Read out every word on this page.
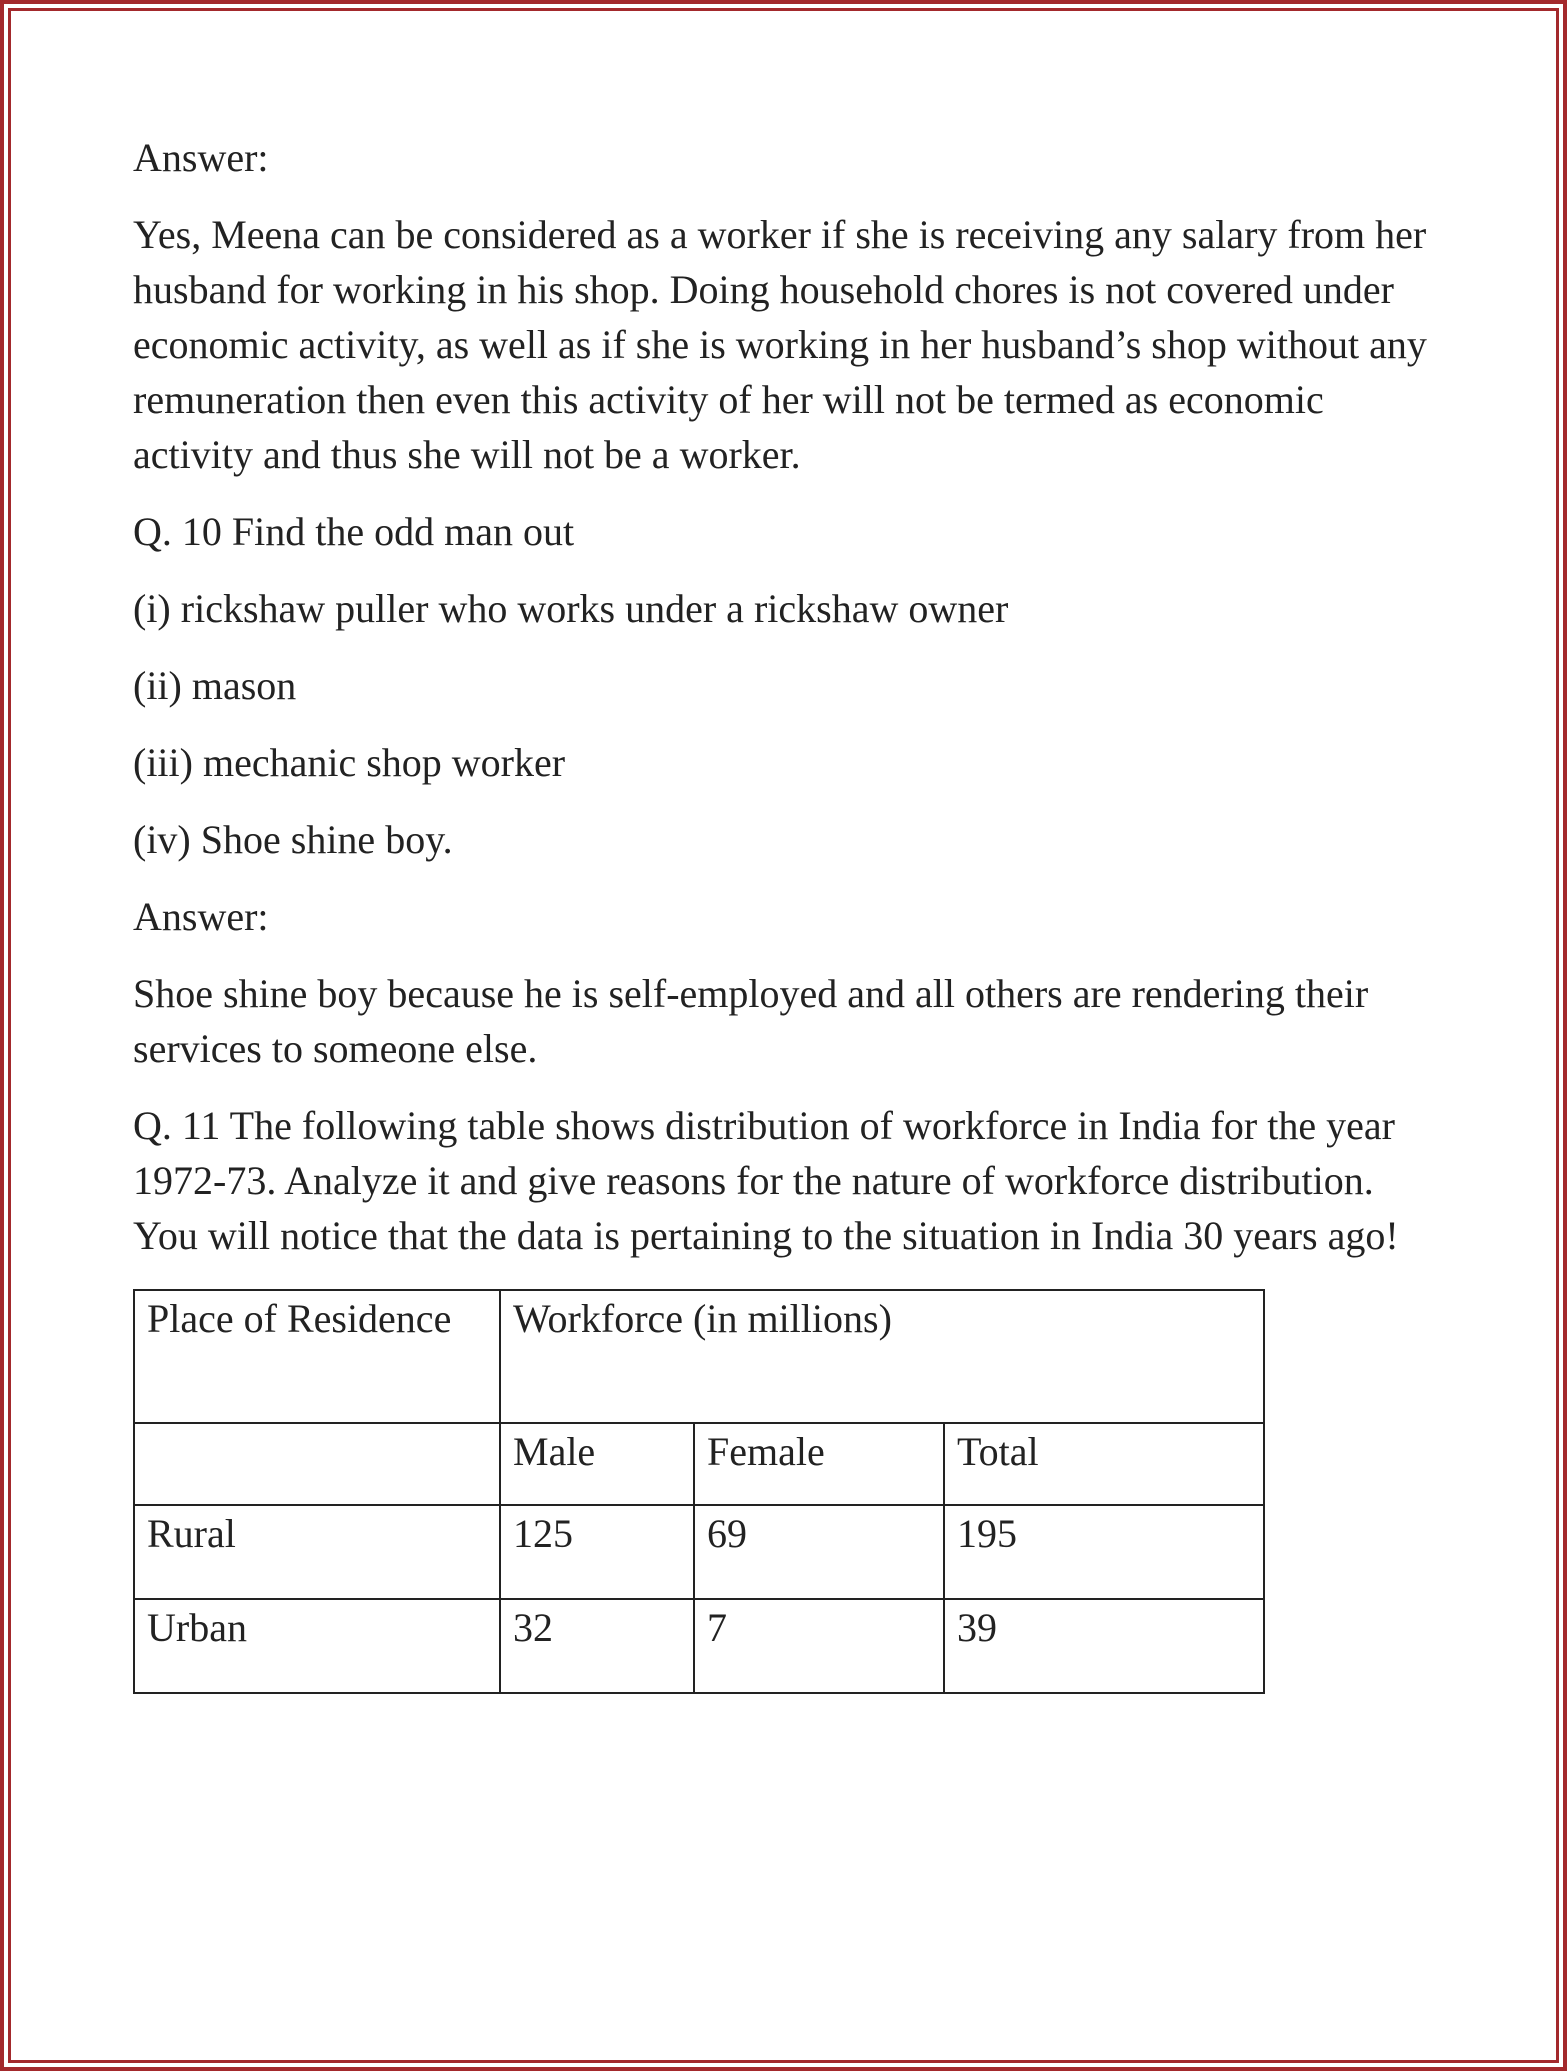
Answer:

Yes, Meena can be considered as a worker if she is receiving any salary from her husband for working in his shop. Doing household chores is not covered under economic activity, as well as if she is working in her husband’s shop without any remuneration then even this activity of her will not be termed as economic activity and thus she will not be a worker.

Q. 10 Find the odd man out

(i) rickshaw puller who works under a rickshaw owner

(ii) mason

(iii) mechanic shop worker

(iv) Shoe shine boy.

Answer:

Shoe shine boy because he is self-employed and all others are rendering their services to someone else.

Q. 11 The following table shows distribution of workforce in India for the year 1972-73. Analyze it and give reasons for the nature of workforce distribution. You will notice that the data is pertaining to the situation in India 30 years ago!

Place of Residence	Workforce (in millions)		
	Male	Female	Total
Rural	125	69	195
Urban	32	7	39
